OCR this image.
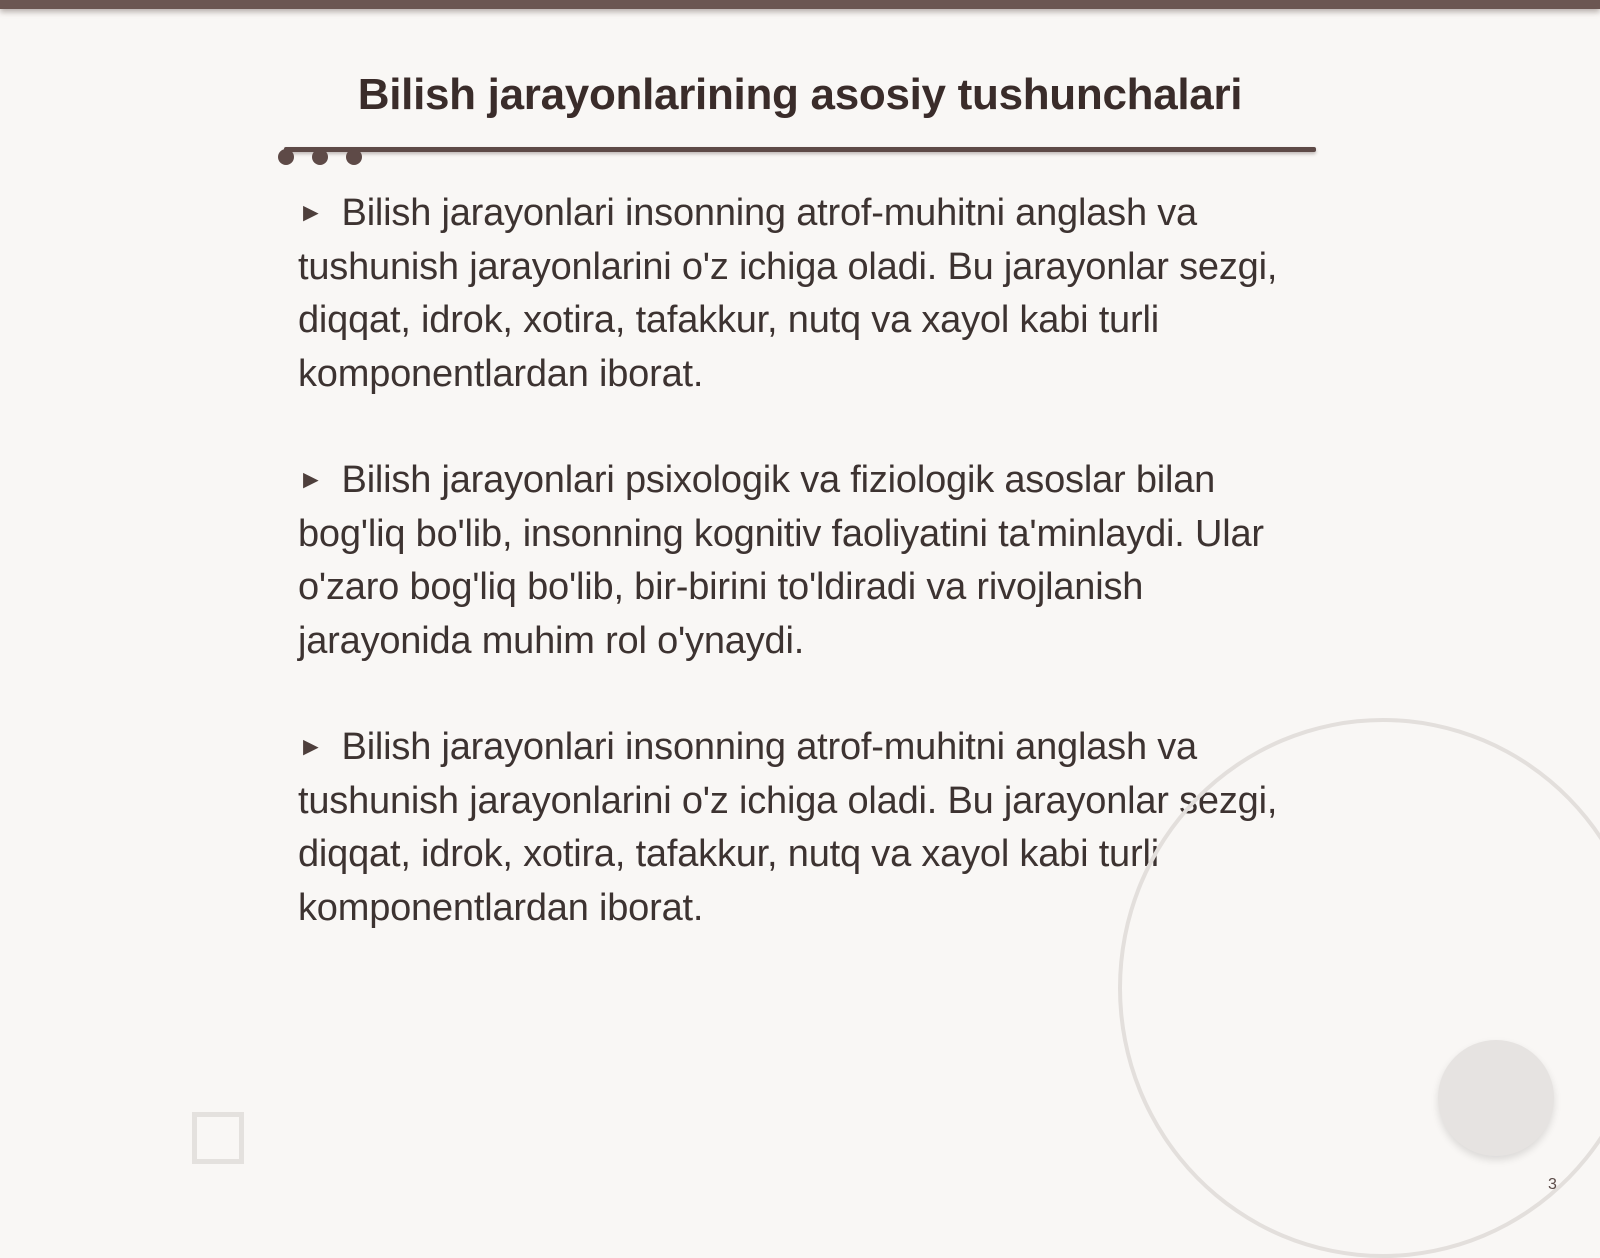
Bilish jarayonlarining asosiy tushunchalari
► Bilish jarayonlari insonning atrof-muhitni anglash va tushunish jarayonlarini o'z ichiga oladi. Bu jarayonlar sezgi, diqqat, idrok, xotira, tafakkur, nutq va xayol kabi turli komponentlardan iborat.
► Bilish jarayonlari psixologik va fiziologik asoslar bilan bog'liq bo'lib, insonning kognitiv faoliyatini ta'minlaydi. Ular o'zaro bog'liq bo'lib, bir-birini to'ldiradi va rivojlanish jarayonida muhim rol o'ynaydi.
► Bilish jarayonlari insonning atrof-muhitni anglash va tushunish jarayonlarini o'z ichiga oladi. Bu jarayonlar sezgi, diqqat, idrok, xotira, tafakkur, nutq va xayol kabi turli komponentlardan iborat.
3
